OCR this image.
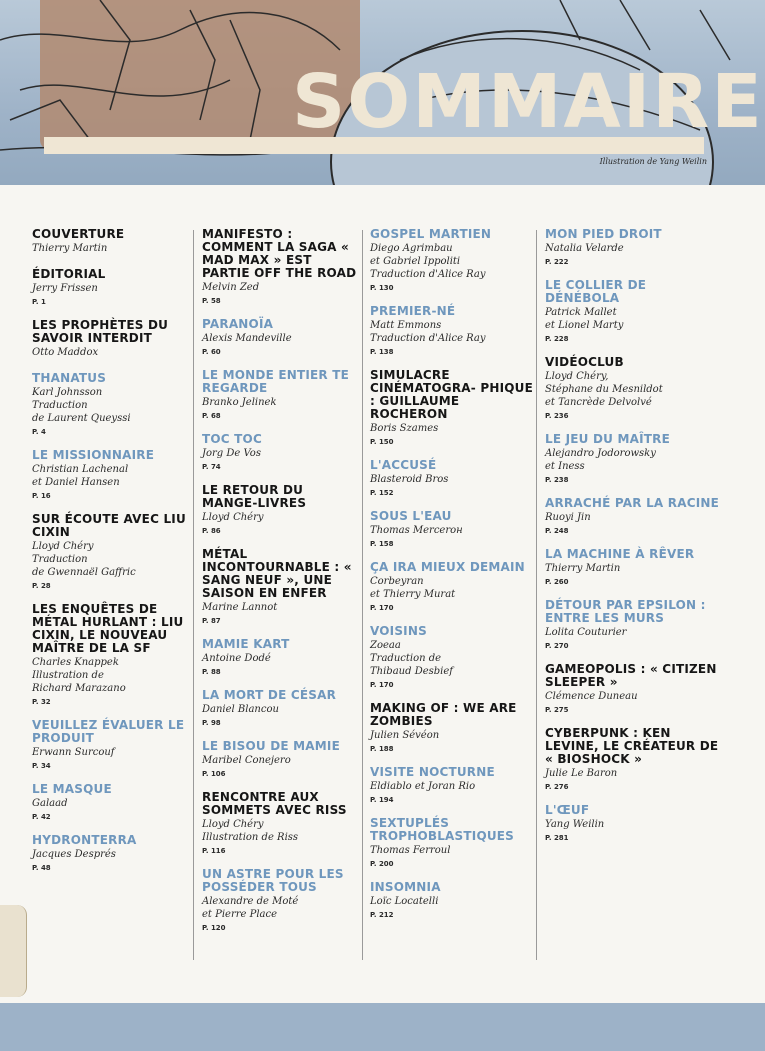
SOMMAIRE

Illustration de Yang Weilin

COUVERTURE

Thierry Martin

ÉDITORIAL

Jerry Frissen

P. 1

LES PROPHÈTES DU SAVOIR INTERDIT

Otto Maddox

THANATUS

Karl Johnsson
Traduction
de Laurent Queyssi

P. 4

LE MISSIONNAIRE

Christian Lachenal
et Daniel Hansen

P. 16

SUR ÉCOUTE AVEC LIU CIXIN

Lloyd Chéry
Traduction
de Gwennaël Gaffric

P. 28

LES ENQUÊTES DE MÉTAL HURLANT : LIU CIXIN, LE NOUVEAU MAÎTRE DE LA SF

Charles Knappek
Illustration de
Richard Marazano

P. 32

VEUILLEZ ÉVALUER LE PRODUIT

Erwann Surcouf

P. 34

LE MASQUE

Galaad

P. 42

HYDRONTERRA

Jacques Després

P. 48

MANIFESTO : COMMENT LA SAGA « MAD MAX » EST PARTIE OFF THE ROAD

Melvin Zed

P. 58

PARANOÏA

Alexis Mandeville

P. 60

LE MONDE ENTIER TE REGARDE

Branko Jelinek

P. 68

TOC TOC

Jorg De Vos

P. 74

LE RETOUR DU MANGE-LIVRES

Lloyd Chéry

P. 86

MÉTAL INCONTOURNABLE : « SANG NEUF », UNE SAISON EN ENFER

Marine Lannot

P. 87

MAMIE KART

Antoine Dodé

P. 88

LA MORT DE CÉSAR

Daniel Blancou

P. 98

LE BISOU DE MAMIE

Maribel Conejero

P. 106

RENCONTRE AUX SOMMETS AVEC RISS

Lloyd Chéry
Illustration de Riss

P. 116

UN ASTRE POUR LES POSSÉDER TOUS

Alexandre de Moté
et Pierre Place

P. 120

GOSPEL MARTIEN

Diego Agrimbau
et Gabriel Ippoliti
Traduction d'Alice Ray

P. 130

PREMIER-NÉ

Matt Emmons
Traduction d'Alice Ray

P. 138

SIMULACRE CINÉMATOGRA- PHIQUE : GUILLAUME ROCHERON

Boris Szames

P. 150

L'ACCUSÉ

Blasteroid Bros

P. 152

SOUS L'EAU

Thomas Mercerон

P. 158

ÇA IRA MIEUX DEMAIN

Corbeyran
et Thierry Murat

P. 170

VOISINS

Zoeaa
Traduction de
Thibaud Desbief

P. 170

MAKING OF : WE ARE ZOMBIES

Julien Sévéon

P. 188

VISITE NOCTURNE

Eldiablo et Joran Rio

P. 194

SEXTUPLÉS TROPHOBLASTIQUES

Thomas Ferroul

P. 200

INSOMNIA

Loïc Locatelli

P. 212

MON PIED DROIT

Natalia Velarde

P. 222

LE COLLIER DE DÉNÉBOLA

Patrick Mallet
et Lionel Marty

P. 228

VIDÉOCLUB

Lloyd Chéry,
Stéphane du Mesnildot
et Tancrède Delvolvé

P. 236

LE JEU DU MAÎTRE

Alejandro Jodorowsky
et Iness

P. 238

ARRACHÉ PAR LA RACINE

Ruoyi Jin

P. 248

LA MACHINE À RÊVER

Thierry Martin

P. 260

DÉTOUR PAR EPSILON : ENTRE LES MURS

Lolita Couturier

P. 270

GAMEOPOLIS : « CITIZEN SLEEPER »

Clémence Duneau

P. 275

CYBERPUNK : KEN LEVINE, LE CRÉATEUR DE « BIOSHOCK »

Julie Le Baron

P. 276

L'ŒUF

Yang Weilin

P. 281
